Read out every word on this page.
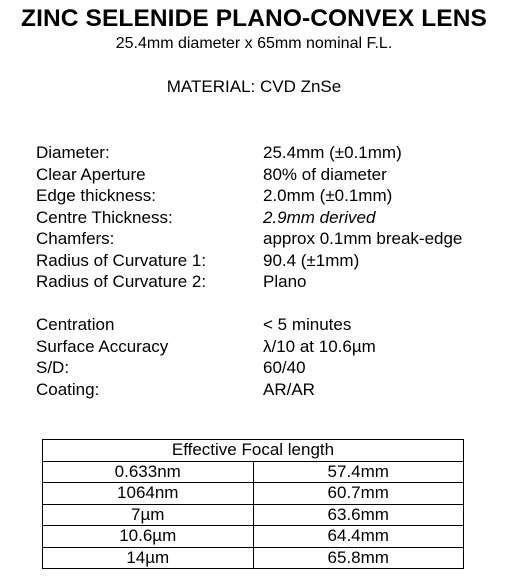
ZINC SELENIDE PLANO-CONVEX LENS
25.4mm diameter x 65mm nominal F.L.
MATERIAL: CVD ZnSe
Diameter:	25.4mm (±0.1mm)
Clear Aperture	80% of diameter
Edge thickness:	2.0mm (±0.1mm)
Centre Thickness:	2.9mm derived
Chamfers:	approx 0.1mm break-edge
Radius of Curvature 1:	90.4 (±1mm)
Radius of Curvature 2:	Plano
Centration	< 5 minutes
Surface Accuracy	λ/10 at 10.6µm
S/D:	60/40
Coating:	AR/AR
Effective Focal length	
0.633nm	57.4mm
1064nm	60.7mm
7µm	63.6mm
10.6µm	64.4mm
14µm	65.8mm
